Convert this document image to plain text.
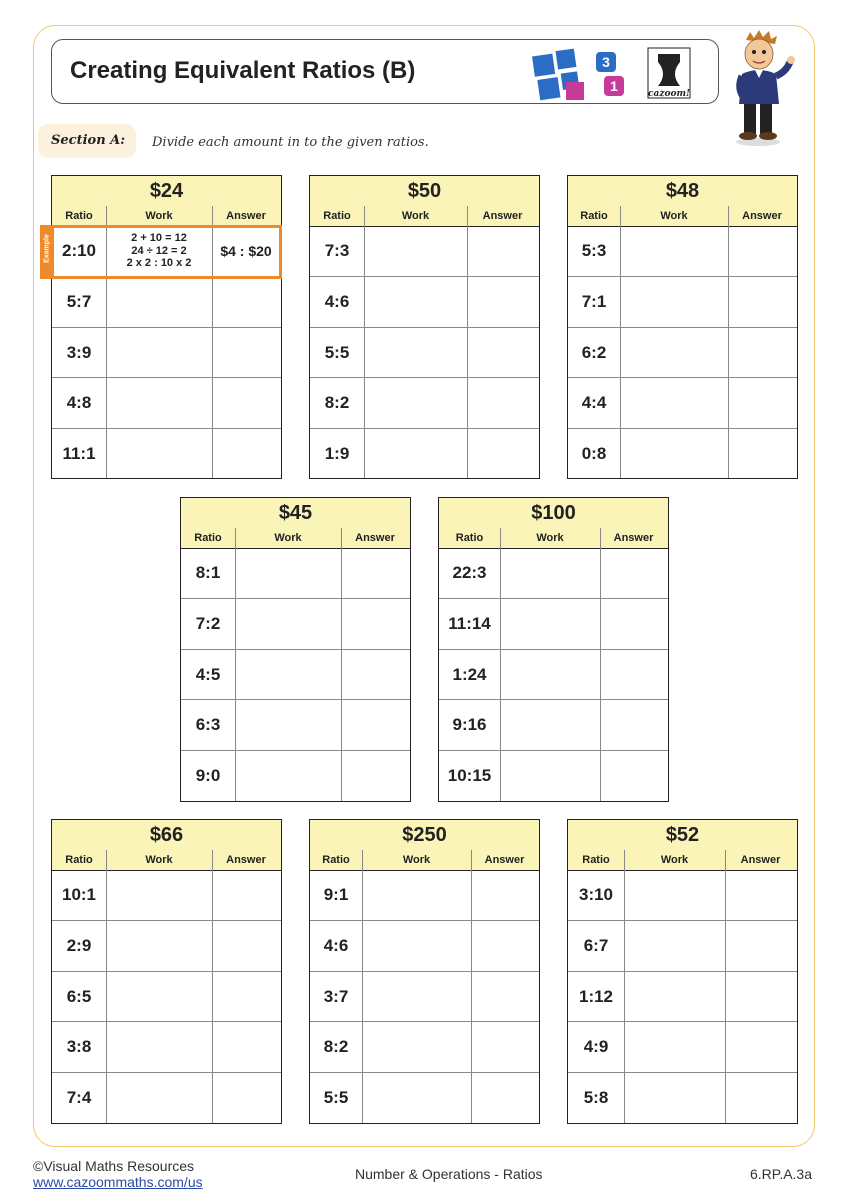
Creating Equivalent Ratios (B)	3
1	cazoom!
Section A: Divide each amount in to the given ratios.
$24
Ratio	Work	Answer
2:10
2 + 10 = 12
24 ÷ 12 = 2
2 x 2 : 10 x 2
$4 : $20
5:7
3:9
4:8
11:1
Example
$50
Ratio	Work	Answer
7:3
4:6
5:5
8:2
1:9
$48
Ratio	Work	Answer
5:3
7:1
6:2
4:4
0:8
$45
Ratio	Work	Answer
8:1
7:2
4:5
6:3
9:0
$100
Ratio	Work	Answer
22:3
11:14
1:24
9:16
10:15
$66
Ratio	Work	Answer
10:1
2:9
6:5
3:8
7:4
$250
Ratio	Work	Answer
9:1
4:6
3:7
8:2
5:5
$52
Ratio	Work	Answer
3:10
6:7
1:12
4:9
5:8
©Visual Maths Resources
www.cazoommaths.com/us	Number & Operations - Ratios	6.RP.A.3a
